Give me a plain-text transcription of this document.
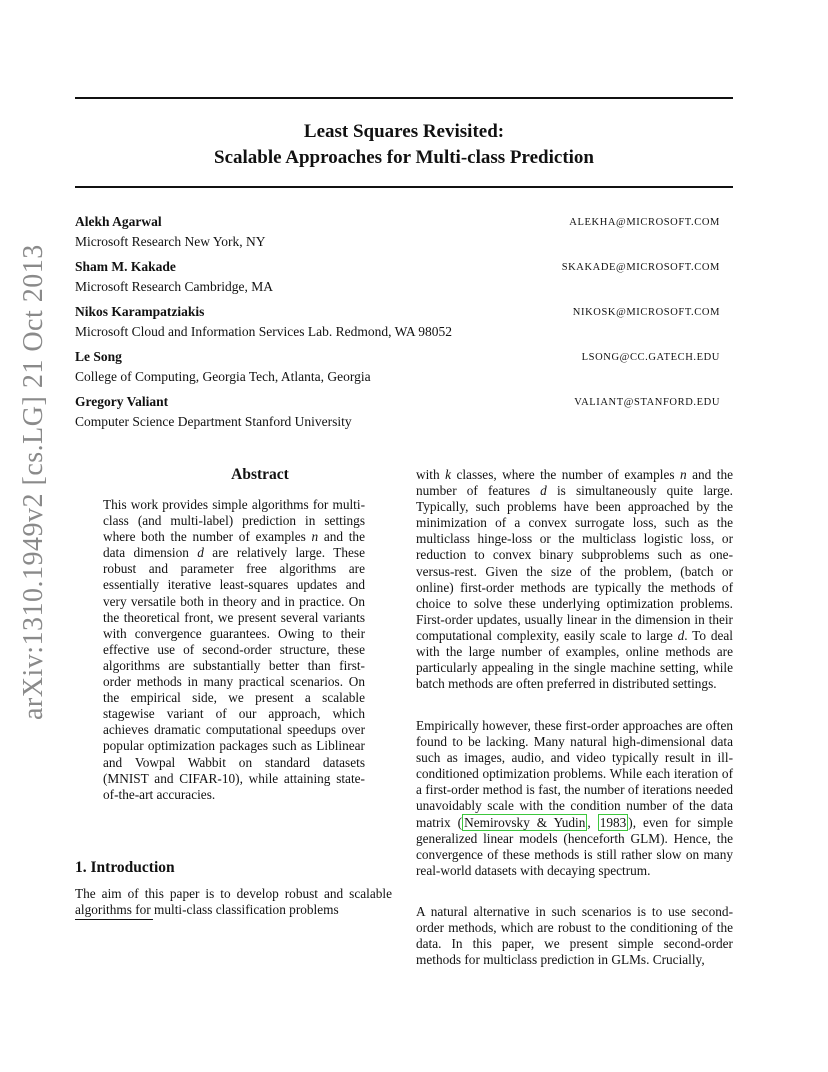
arXiv:1310.1949v2 [cs.LG] 21 Oct 2013
Least Squares Revisited:
Scalable Approaches for Multi-class Prediction
Alekh Agarwal	ALEKHA@MICROSOFT.COM
Microsoft Research New York, NY
Sham M. Kakade	SKAKADE@MICROSOFT.COM
Microsoft Research Cambridge, MA
Nikos Karampatziakis	NIKOSK@MICROSOFT.COM
Microsoft Cloud and Information Services Lab. Redmond, WA 98052
Le Song	LSONG@CC.GATECH.EDU
College of Computing, Georgia Tech, Atlanta, Georgia
Gregory Valiant	VALIANT@STANFORD.EDU
Computer Science Department Stanford University
Abstract
This work provides simple algorithms for multi-class (and multi-label) prediction in settings where both the number of examples n and the data dimension d are relatively large. These robust and parameter free algorithms are essentially iterative least-squares updates and very versatile both in theory and in practice. On the theoretical front, we present several variants with convergence guarantees. Owing to their effective use of second-order structure, these algorithms are substantially better than first-order methods in many practical scenarios. On the empirical side, we present a scalable stagewise variant of our approach, which achieves dramatic computational speedups over popular optimization packages such as Liblinear and Vowpal Wabbit on standard datasets (MNIST and CIFAR-10), while attaining state-of-the-art accuracies.
1. Introduction
The aim of this paper is to develop robust and scalable algorithms for multi-class classification problems
with k classes, where the number of examples n and the number of features d is simultaneously quite large. Typically, such problems have been approached by the minimization of a convex surrogate loss, such as the multiclass hinge-loss or the multiclass logistic loss, or reduction to convex binary subproblems such as one-versus-rest. Given the size of the problem, (batch or online) first-order methods are typically the methods of choice to solve these underlying optimization problems. First-order updates, usually linear in the dimension in their computational complexity, easily scale to large d. To deal with the large number of examples, online methods are particularly appealing in the single machine setting, while batch methods are often preferred in distributed settings.
Empirically however, these first-order approaches are often found to be lacking. Many natural high-dimensional data such as images, audio, and video typically result in ill-conditioned optimization problems. While each iteration of a first-order method is fast, the number of iterations needed unavoidably scale with the condition number of the data matrix ( Nemirovsky & Yudin , 1983 ), even for simple generalized linear models (henceforth GLM). Hence, the convergence of these methods is still rather slow on many real-world datasets with decaying spectrum.
A natural alternative in such scenarios is to use second-order methods, which are robust to the conditioning of the data. In this paper, we present simple second-order methods for multiclass prediction in GLMs. Crucially,
